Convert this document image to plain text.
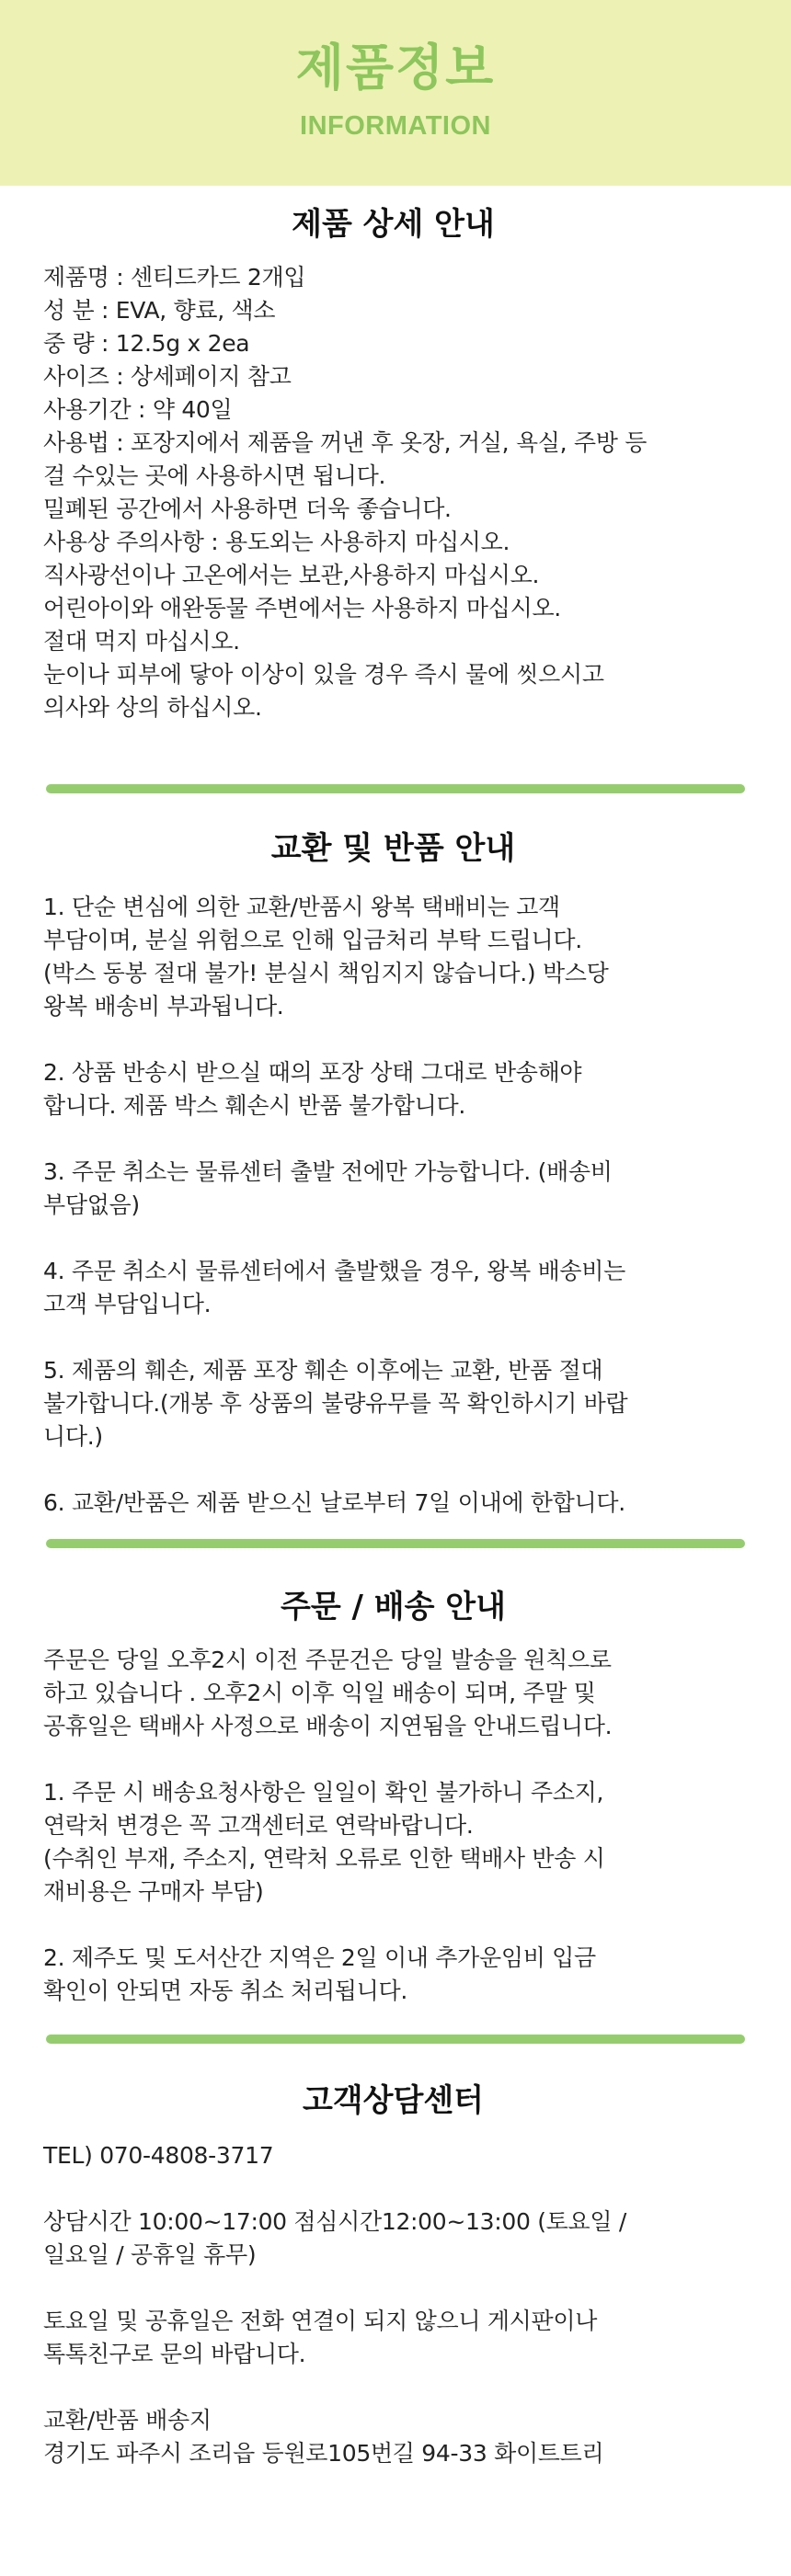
제품정보
INFORMATION
제품 상세 안내
제품명 : 센티드카드 2개입
성 분 : EVA, 향료, 색소
중 량 : 12.5g x 2ea
사이즈 : 상세페이지 참고
사용기간 : 약 40일
사용법 : 포장지에서 제품을 꺼낸 후 옷장, 거실, 욕실, 주방 등
걸 수있는 곳에 사용하시면 됩니다.
밀폐된 공간에서 사용하면 더욱 좋습니다.
사용상 주의사항 : 용도외는 사용하지 마십시오.
직사광선이나 고온에서는 보관,사용하지 마십시오.
어린아이와 애완동물 주변에서는 사용하지 마십시오.
절대 먹지 마십시오.
눈이나 피부에 닿아 이상이 있을 경우 즉시 물에 씻으시고
의사와 상의 하십시오.
교환 및 반품 안내
1. 단순 변심에 의한 교환/반품시 왕복 택배비는 고객
부담이며, 분실 위험으로 인해 입금처리 부탁 드립니다.
(박스 동봉 절대 불가! 분실시 책임지지 않습니다.) 박스당
왕복 배송비 부과됩니다.
2. 상품 반송시 받으실 때의 포장 상태 그대로 반송해야
합니다. 제품 박스 훼손시 반품 불가합니다.
3. 주문 취소는 물류센터 출발 전에만 가능합니다. (배송비
부담없음)
4. 주문 취소시 물류센터에서 출발했을 경우, 왕복 배송비는
고객 부담입니다.
5. 제품의 훼손, 제품 포장 훼손 이후에는 교환, 반품 절대
불가합니다.(개봉 후 상품의 불량유무를 꼭 확인하시기 바랍
니다.)
6. 교환/반품은 제품 받으신 날로부터 7일 이내에 한합니다.
주문 / 배송 안내
주문은 당일 오후2시 이전 주문건은 당일 발송을 원칙으로
하고 있습니다 . 오후2시 이후 익일 배송이 되며, 주말 및
공휴일은 택배사 사정으로 배송이 지연됨을 안내드립니다.
1. 주문 시 배송요청사항은 일일이 확인 불가하니 주소지,
연락처 변경은 꼭 고객센터로 연락바랍니다.
(수취인 부재, 주소지, 연락처 오류로 인한 택배사 반송 시
재비용은 구매자 부담)
2. 제주도 및 도서산간 지역은 2일 이내 추가운임비 입금
확인이 안되면 자동 취소 처리됩니다.
고객상담센터
TEL) 070-4808-3717
상담시간 10:00~17:00 점심시간12:00~13:00 (토요일 /
일요일 / 공휴일 휴무)
토요일 및 공휴일은 전화 연결이 되지 않으니 게시판이나
톡톡친구로 문의 바랍니다.
교환/반품 배송지
경기도 파주시 조리읍 등원로105번길 94-33 화이트트리
